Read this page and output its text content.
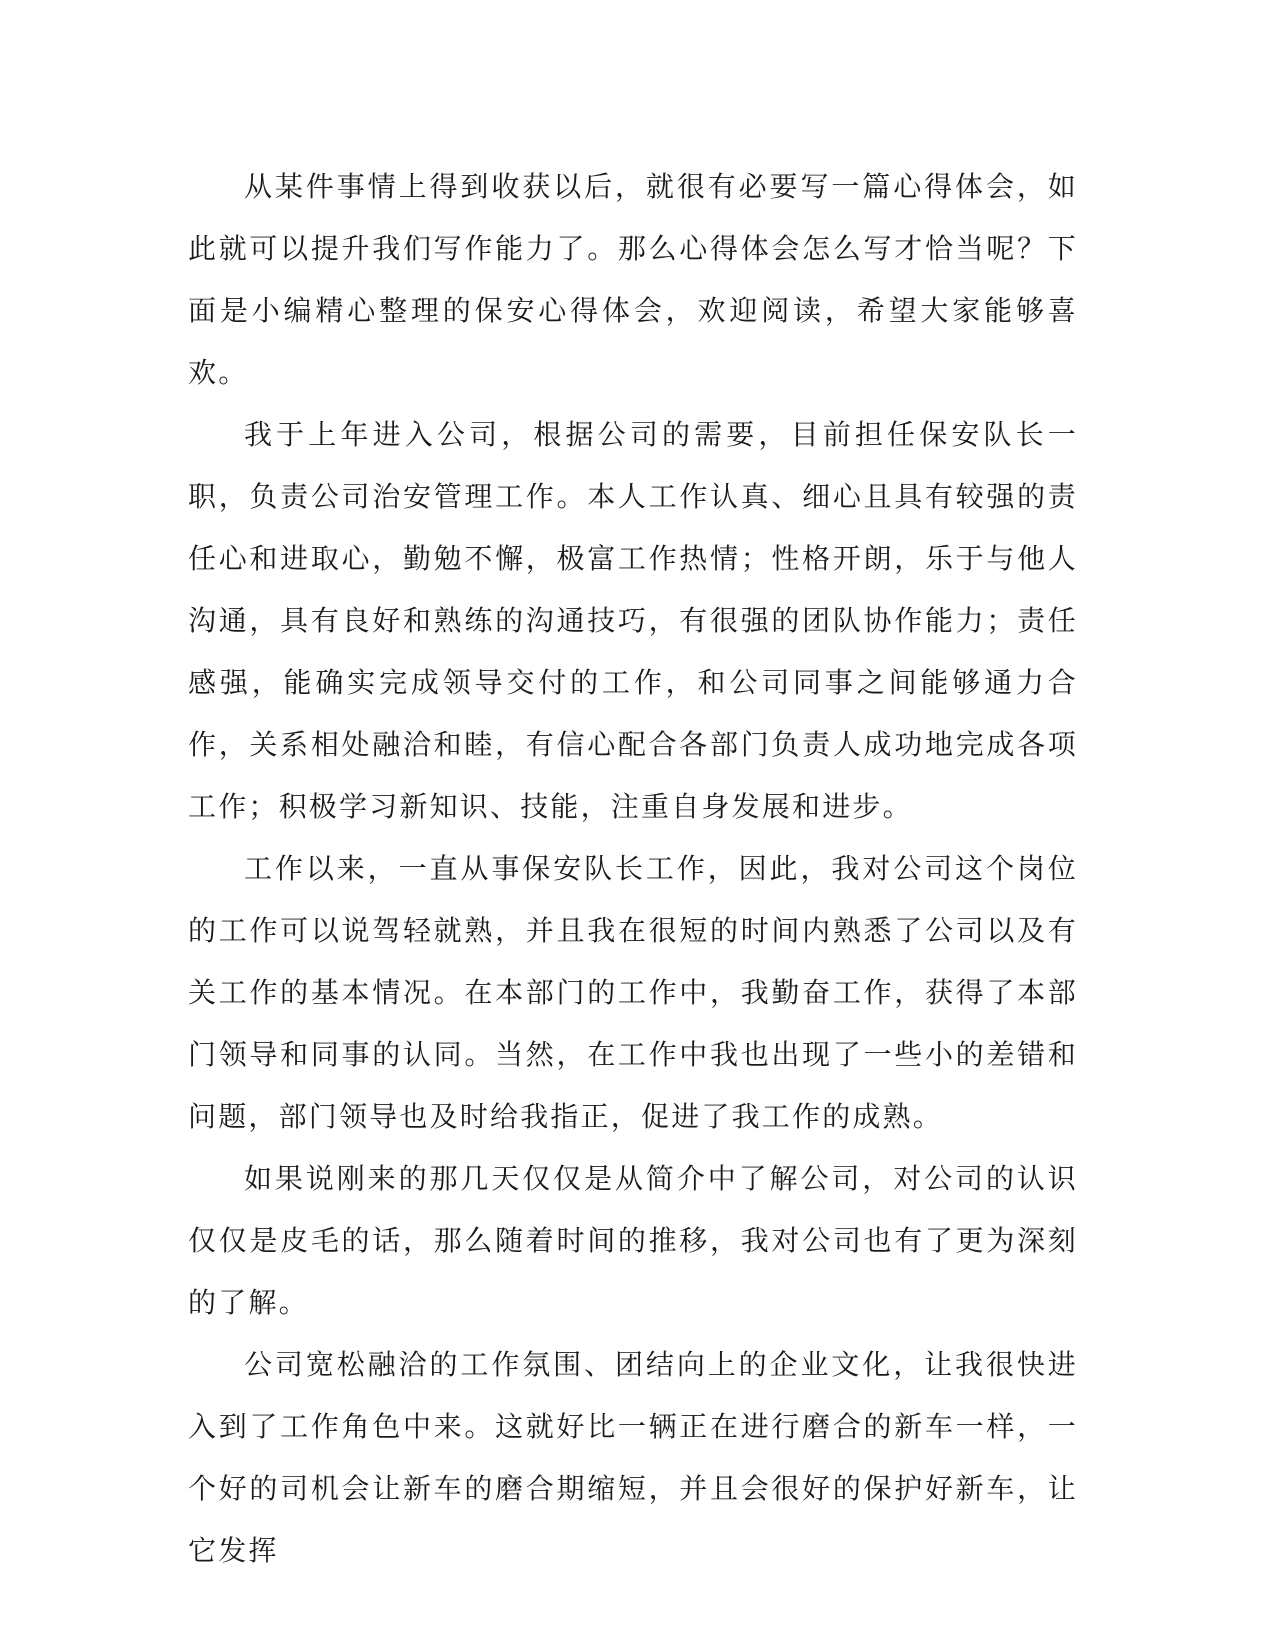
从某件事情上得到收获以后，就很有必要写一篇心得体会，如此就可以提升我们写作能力了。那么心得体会怎么写才恰当呢？下面是小编精心整理的保安心得体会，欢迎阅读，希望大家能够喜欢。

我于上年进入公司，根据公司的需要，目前担任保安队长一职，负责公司治安管理工作。本人工作认真、细心且具有较强的责任心和进取心，勤勉不懈，极富工作热情；性格开朗，乐于与他人沟通，具有良好和熟练的沟通技巧，有很强的团队协作能力；责任感强，能确实完成领导交付的工作，和公司同事之间能够通力合作，关系相处融洽和睦，有信心配合各部门负责人成功地完成各项工作；积极学习新知识、技能，注重自身发展和进步。

工作以来，一直从事保安队长工作，因此，我对公司这个岗位的工作可以说驾轻就熟，并且我在很短的时间内熟悉了公司以及有关工作的基本情况。在本部门的工作中，我勤奋工作，获得了本部门领导和同事的认同。当然，在工作中我也出现了一些小的差错和问题，部门领导也及时给我指正，促进了我工作的成熟。

如果说刚来的那几天仅仅是从简介中了解公司，对公司的认识仅仅是皮毛的话，那么随着时间的推移，我对公司也有了更为深刻的了解。

公司宽松融洽的工作氛围、团结向上的企业文化，让我很快进入到了工作角色中来。这就好比一辆正在进行磨合的新车一样，一个好的司机会让新车的磨合期缩短，并且会很好的保护好新车，让它发挥
